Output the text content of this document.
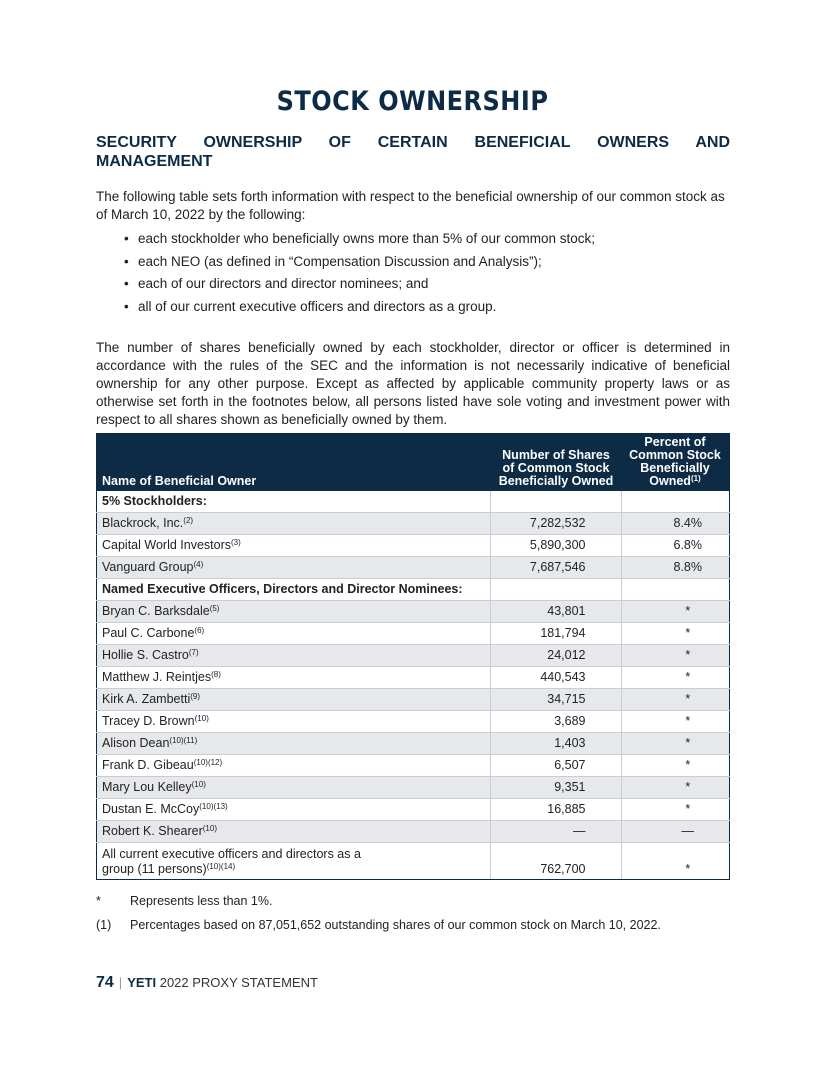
STOCK OWNERSHIP
SECURITY OWNERSHIP OF CERTAIN BENEFICIAL OWNERS AND
MANAGEMENT

The following table sets forth information with respect to the beneficial ownership of our common stock as of March 10, 2022 by the following:

• each stockholder who beneficially owns more than 5% of our common stock;
• each NEO (as defined in “Compensation Discussion and Analysis”);
• each of our directors and director nominees; and
• all of our current executive officers and directors as a group.

The number of shares beneficially owned by each stockholder, director or officer is determined in accordance with the rules of the SEC and the information is not necessarily indicative of beneficial ownership for any other purpose. Except as affected by applicable community property laws or as otherwise set forth in the footnotes below, all persons listed have sole voting and investment power with respect to all shares shown as beneficially owned by them.

Name of Beneficial Owner	Number of Shares of Common Stock Beneficially Owned	Percent of Common Stock Beneficially Owned$^{(1)}$
5% Stockholders:		
Blackrock, Inc.$^{(2)}$	7,282,532	8.4%
Capital World Investors$^{(3)}$	5,890,300	6.8%
Vanguard Group$^{(4)}$	7,687,546	8.8%
Named Executive Officers, Directors and Director Nominees:		
Bryan C. Barksdale$^{(5)}$	43,801	*
Paul C. Carbone$^{(6)}$	181,794	*
Hollie S. Castro$^{(7)}$	24,012	*
Matthew J. Reintjes$^{(8)}$	440,543	*
Kirk A. Zambetti$^{(9)}$	34,715	*
Tracey D. Brown$^{(10)}$	3,689	*
Alison Dean$^{(10)(11)}$	1,403	*
Frank D. Gibeau$^{(10)(12)}$	6,507	*
Mary Lou Kelley$^{(10)}$	9,351	*
Dustan E. McCoy$^{(10)(13)}$	16,885	*
Robert K. Shearer$^{(10)}$	—	—
All current executive officers and directors as a
group (11 persons)$^{(10)(14)}$	762,700	*
* Represents less than 1%.
(1) Percentages based on 87,051,652 outstanding shares of our common stock on March 10, 2022.
74 | YETI 2022 PROXY STATEMENT
